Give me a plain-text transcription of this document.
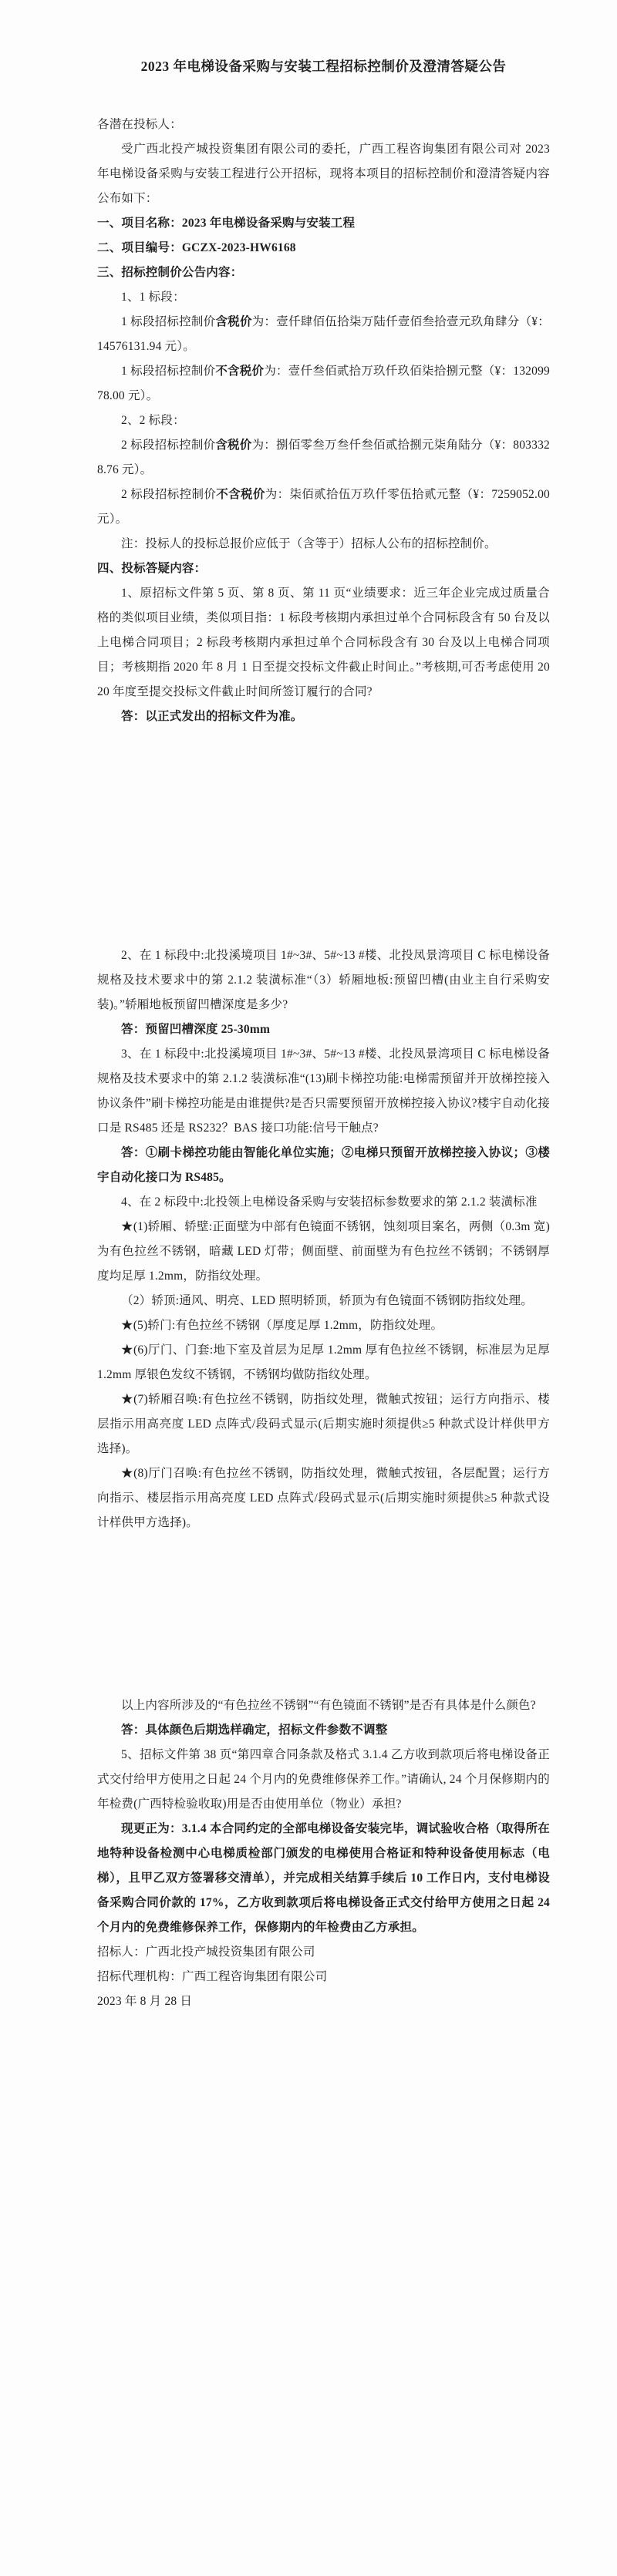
2023 年电梯设备采购与安装工程招标控制价及澄清答疑公告

各潜在投标人：

受广西北投产城投资集团有限公司的委托，广西工程咨询集团有限公司对 2023 年电梯设备采购与安装工程进行公开招标，现将本项目的招标控制价和澄清答疑内容公布如下：

一、项目名称：2023 年电梯设备采购与安装工程

二、项目编号：GCZX-2023-HW6168

三、招标控制价公告内容：

1、1 标段：

1 标段招标控制价含税价为：壹仟肆佰伍拾柒万陆仟壹佰叁拾壹元玖角肆分（¥：14576131.94 元）。

1 标段招标控制价不含税价为：壹仟叁佰贰拾万玖仟玖佰柒拾捌元整（¥：13209978.00 元）。

2、2 标段：

2 标段招标控制价含税价为：捌佰零叁万叁仟叁佰贰拾捌元柒角陆分（¥：8033328.76 元）。

2 标段招标控制价不含税价为：柒佰贰拾伍万玖仟零伍拾贰元整（¥：7259052.00 元）。

注：投标人的投标总报价应低于（含等于）招标人公布的招标控制价。

四、投标答疑内容：

1、原招标文件第 5 页、第 8 页、第 11 页“业绩要求：近三年企业完成过质量合格的类似项目业绩，类似项目指：1 标段考核期内承担过单个合同标段含有 50 台及以上电梯合同项目；2 标段考核期内承担过单个合同标段含有 30 台及以上电梯合同项目；考核期指 2020 年 8 月 1 日至提交投标文件截止时间止。”考核期,可否考虑使用 2020 年度至提交投标文件截止时间所签订履行的合同?

答：以正式发出的招标文件为准。

2、在 1 标段中:北投溪境项目 1#~3#、5#~13 #楼、北投凤景湾项目 C 标电梯设备规格及技术要求中的第 2.1.2 装潢标准“（3）轿厢地板:预留凹槽(由业主自行采购安装)。”轿厢地板预留凹槽深度是多少?

答：预留凹槽深度 25-30mm

3、在 1 标段中:北投溪境项目 1#~3#、5#~13 #楼、北投凤景湾项目 C 标电梯设备规格及技术要求中的第 2.1.2 装潢标准“(13)刷卡梯控功能:电梯需预留并开放梯控接入协议条件”刷卡梯控功能是由谁提供?是否只需要预留开放梯控接入协议?楼宇自动化接口是 RS485 还是 RS232？BAS 接口功能:信号干触点?

答：①刷卡梯控功能由智能化单位实施；②电梯只预留开放梯控接入协议；③楼宇自动化接口为 RS485。

4、在 2 标段中:北投领上电梯设备采购与安装招标参数要求的第 2.1.2 装潢标准

★(1)轿厢、轿壁:正面壁为中部有色镜面不锈钢，蚀刻项目案名，两侧（0.3m 宽)为有色拉丝不锈钢，暗藏 LED 灯带；侧面壁、前面壁为有色拉丝不锈钢；不锈钢厚度均足厚 1.2mm，防指纹处理。

（2）轿顶:通风、明亮、LED 照明轿顶，轿顶为有色镜面不锈钢防指纹处理。

★(5)轿门:有色拉丝不锈钢（厚度足厚 1.2mm，防指纹处理。

★(6)厅门、门套:地下室及首层为足厚 1.2mm 厚有色拉丝不锈钢，标准层为足厚 1.2mm 厚银色发纹不锈钢，不锈钢均做防指纹处理。

★(7)轿厢召唤:有色拉丝不锈钢，防指纹处理，微触式按钮；运行方向指示、楼层指示用高亮度 LED 点阵式/段码式显示(后期实施时须提供≥5 种款式设计样供甲方选择)。

★(8)厅门召唤:有色拉丝不锈钢，防指纹处理，微触式按钮，各层配置；运行方向指示、楼层指示用高亮度 LED 点阵式/段码式显示(后期实施时须提供≥5 种款式设计样供甲方选择)。

以上内容所涉及的“有色拉丝不锈钢”“有色镜面不锈钢”是否有具体是什么颜色?

答：具体颜色后期选样确定，招标文件参数不调整

5、招标文件第 38 页“第四章合同条款及格式 3.1.4 乙方收到款项后将电梯设备正式交付给甲方使用之日起 24 个月内的免费维修保养工作。”请确认, 24 个月保修期内的年检费(广西特检验收取)用是否由使用单位（物业）承担?

现更正为：3.1.4 本合同约定的全部电梯设备安装完毕，调试验收合格（取得所在地特种设备检测中心电梯质检部门颁发的电梯使用合格证和特种设备使用标志（电梯），且甲乙双方签署移交清单），并完成相关结算手续后 10 工作日内，支付电梯设备采购合同价款的 17%，乙方收到款项后将电梯设备正式交付给甲方使用之日起 24 个月内的免费维修保养工作，保修期内的年检费由乙方承担。

招标人：广西北投产城投资集团有限公司

招标代理机构：广西工程咨询集团有限公司

2023 年 8 月 28 日
